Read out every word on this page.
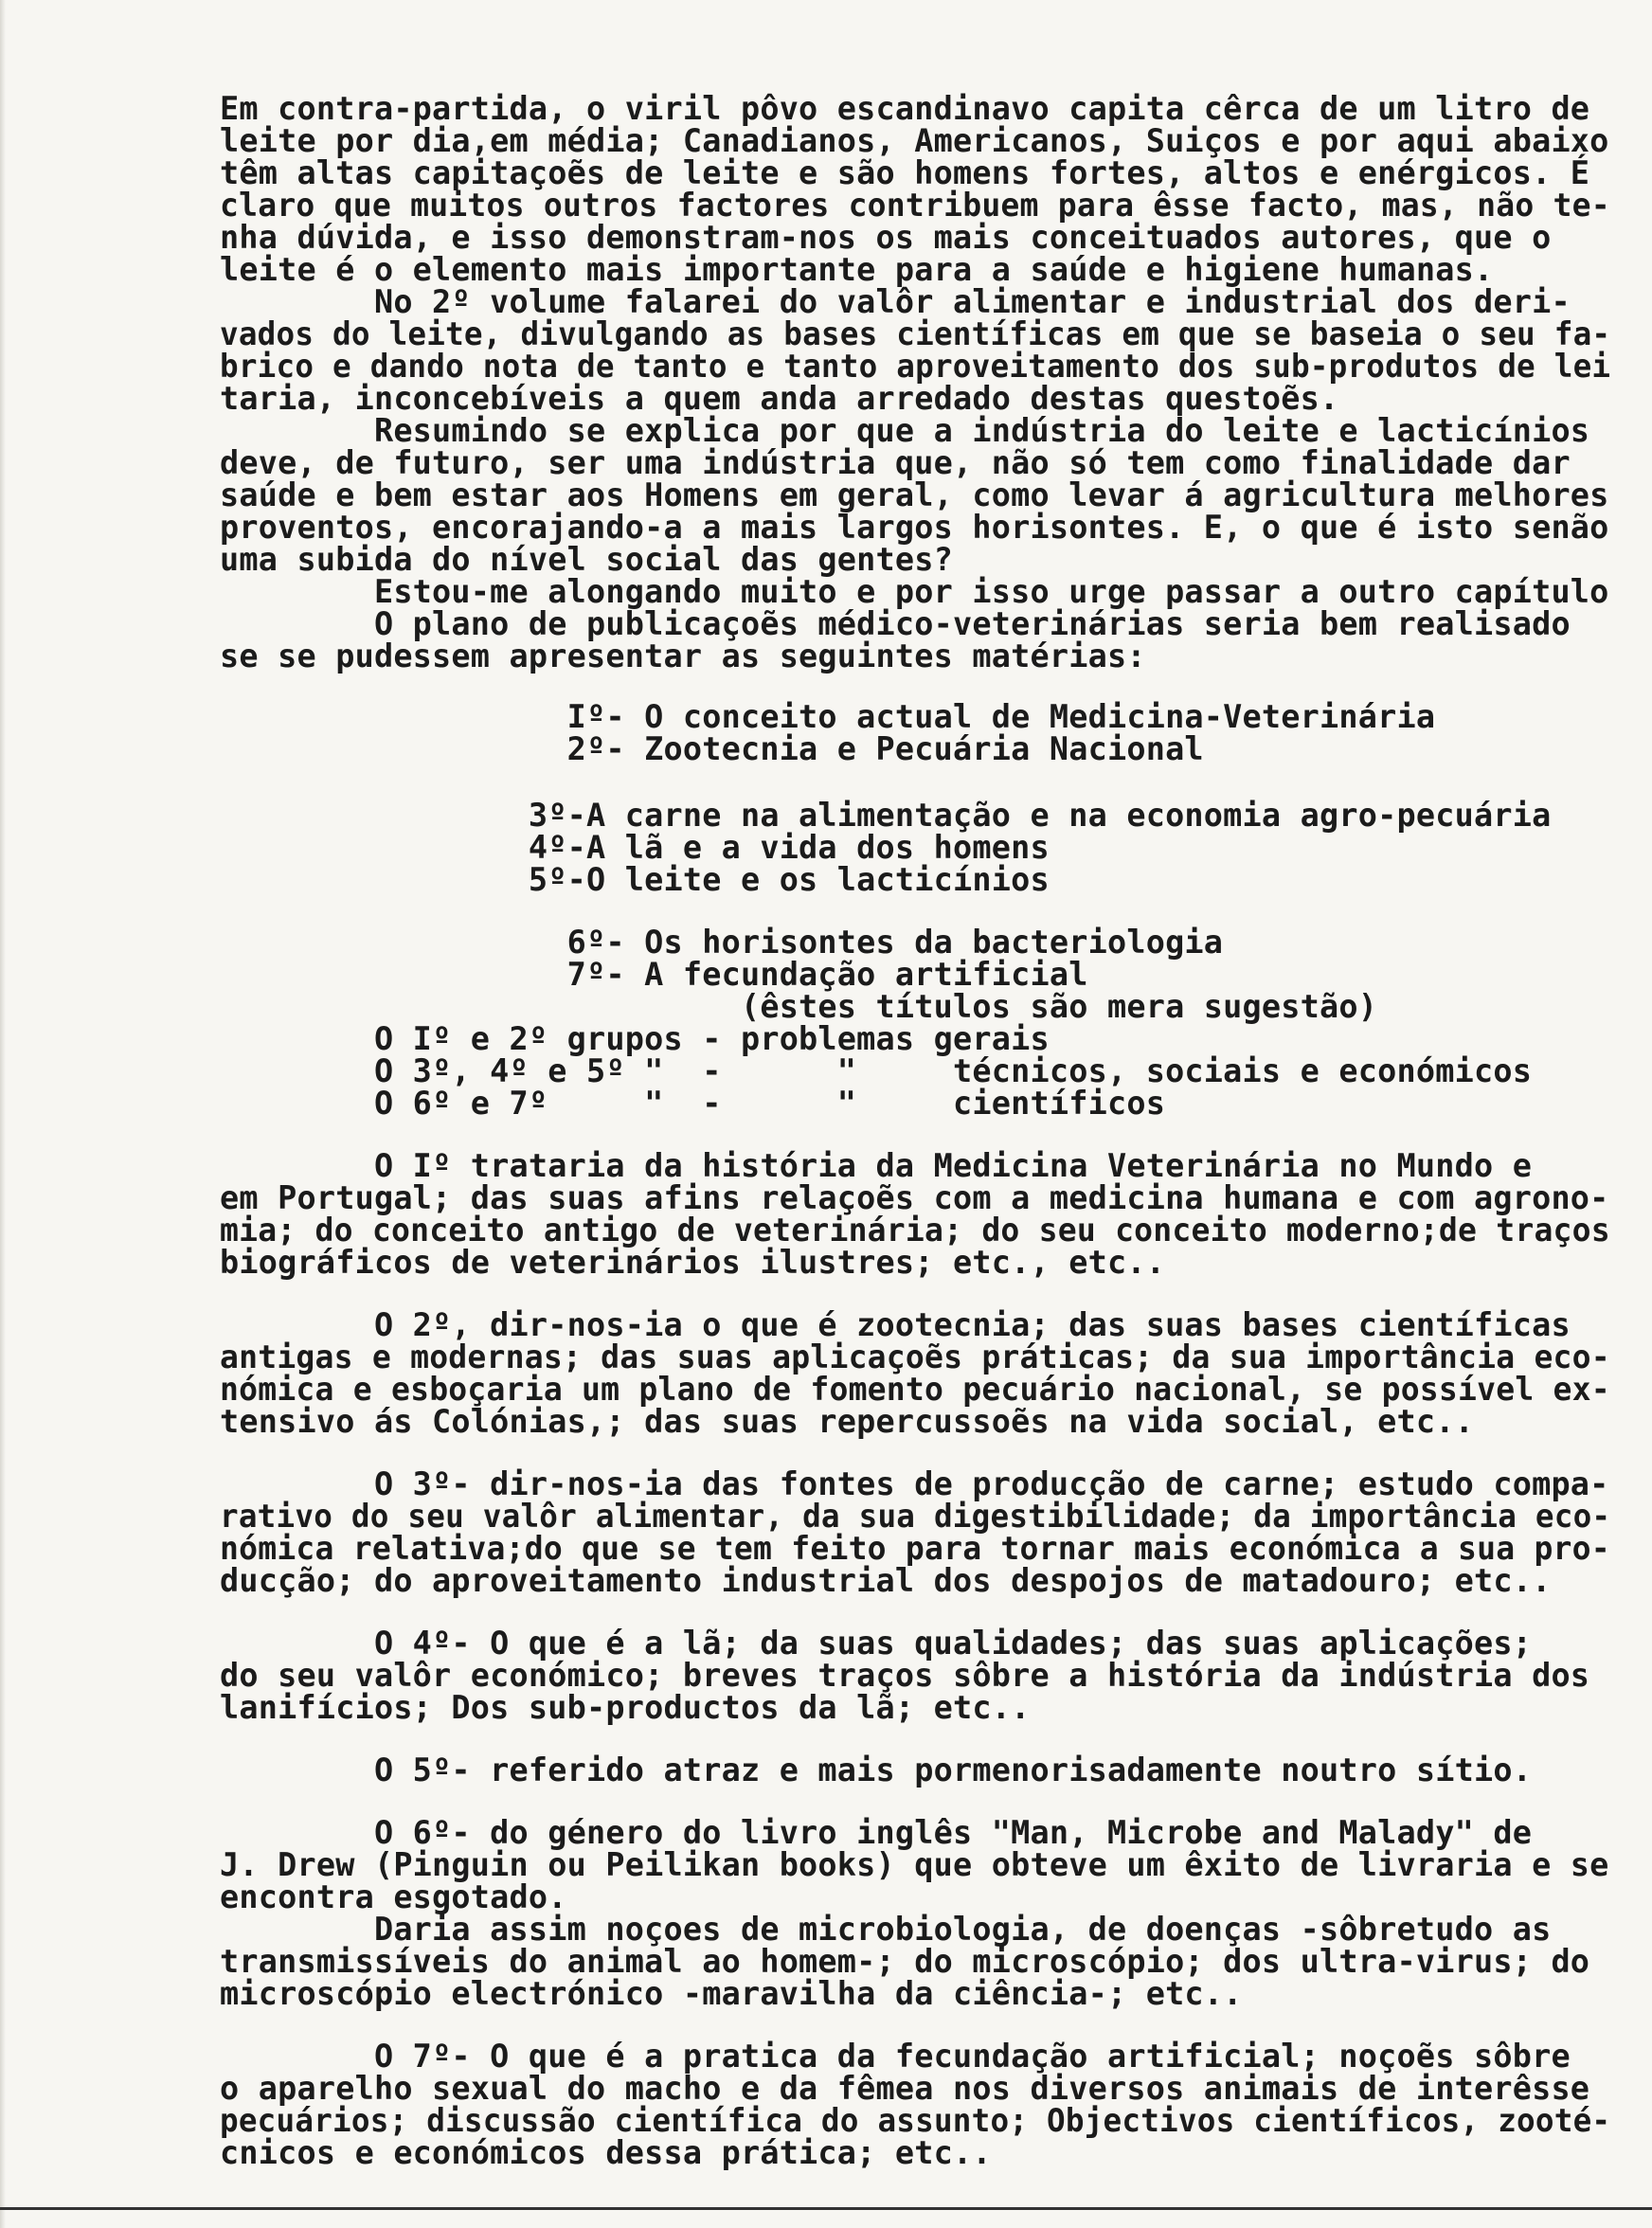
Em contra-partida, o viril pôvo escandinavo capita cêrca de um litro de
leite por dia,em média; Canadianos, Americanos, Suiços e por aqui abaixo
têm altas capitaçoẽs de leite e são homens fortes, altos e enérgicos. É
claro que muitos outros factores contribuem para êsse facto, mas, não te-
nha dúvida, e isso demonstram-nos os mais conceituados autores, que o
leite é o elemento mais importante para a saúde e higiene humanas.
No 2º volume falarei do valôr alimentar e industrial dos deri-
vados do leite, divulgando as bases científicas em que se baseia o seu fa-
brico e dando nota de tanto e tanto aproveitamento dos sub-produtos de lei
taria, inconcebíveis a quem anda arredado destas questoẽs.
Resumindo se explica por que a indústria do leite e lacticínios
deve, de futuro, ser uma indústria que, não só tem como finalidade dar
saúde e bem estar aos Homens em geral, como levar á agricultura melhores
proventos, encorajando-a a mais largos horisontes. E, o que é isto senão
uma subida do nível social das gentes?
Estou-me alongando muito e por isso urge passar a outro capítulo
O plano de publicaçoẽs médico-veterinárias seria bem realisado
se se pudessem apresentar as seguintes matérias:
Iº- O conceito actual de Medicina-Veterinária
2º- Zootecnia e Pecuária Nacional
3º-A carne na alimentação e na economia agro-pecuária
4º-A lã e a vida dos homens
5º-O leite e os lacticínios
6º- Os horisontes da bacteriologia
7º- A fecundação artificial
(êstes títulos são mera sugestão)
O Iº e 2º grupos - problemas gerais
O 3º, 4º e 5º "  -      "     técnicos, sociais e económicos
O 6º e 7º     "  -      "     científicos
O Iº trataria da história da Medicina Veterinária no Mundo e
em Portugal; das suas afins relaçoẽs com a medicina humana e com agrono-
mia; do conceito antigo de veterinária; do seu conceito moderno;de traços
biográficos de veterinários ilustres; etc., etc..
O 2º, dir-nos-ia o que é zootecnia; das suas bases científicas
antigas e modernas; das suas aplicaçoẽs práticas; da sua importância eco-
nómica e esboçaria um plano de fomento pecuário nacional, se possível ex-
tensivo ás Colónias,; das suas repercussoẽs na vida social, etc..
O 3º- dir-nos-ia das fontes de producção de carne; estudo compa-
rativo do seu valôr alimentar, da sua digestibilidade; da importância eco-
nómica relativa;do que se tem feito para tornar mais económica a sua pro-
ducção; do aproveitamento industrial dos despojos de matadouro; etc..
O 4º- O que é a lã; da suas qualidades; das suas aplicações;
do seu valôr económico; breves traços sôbre a história da indústria dos
lanifícios; Dos sub-productos da lã; etc..
O 5º- referido atraz e mais pormenorisadamente noutro sítio.
O 6º- do género do livro inglês "Man, Microbe and Malady" de
J. Drew (Pinguin ou Peilikan books) que obteve um êxito de livraria e se
encontra esgotado.
Daria assim noçoes de microbiologia, de doenças -sôbretudo as
transmissíveis do animal ao homem-; do microscópio; dos ultra-virus; do
microscópio electrónico -maravilha da ciência-; etc..
O 7º- O que é a pratica da fecundação artificial; noçoẽs sôbre
o aparelho sexual do macho e da fêmea nos diversos animais de interêsse
pecuários; discussão científica do assunto; Objectivos científicos, zooté-
cnicos e económicos dessa prática; etc..
